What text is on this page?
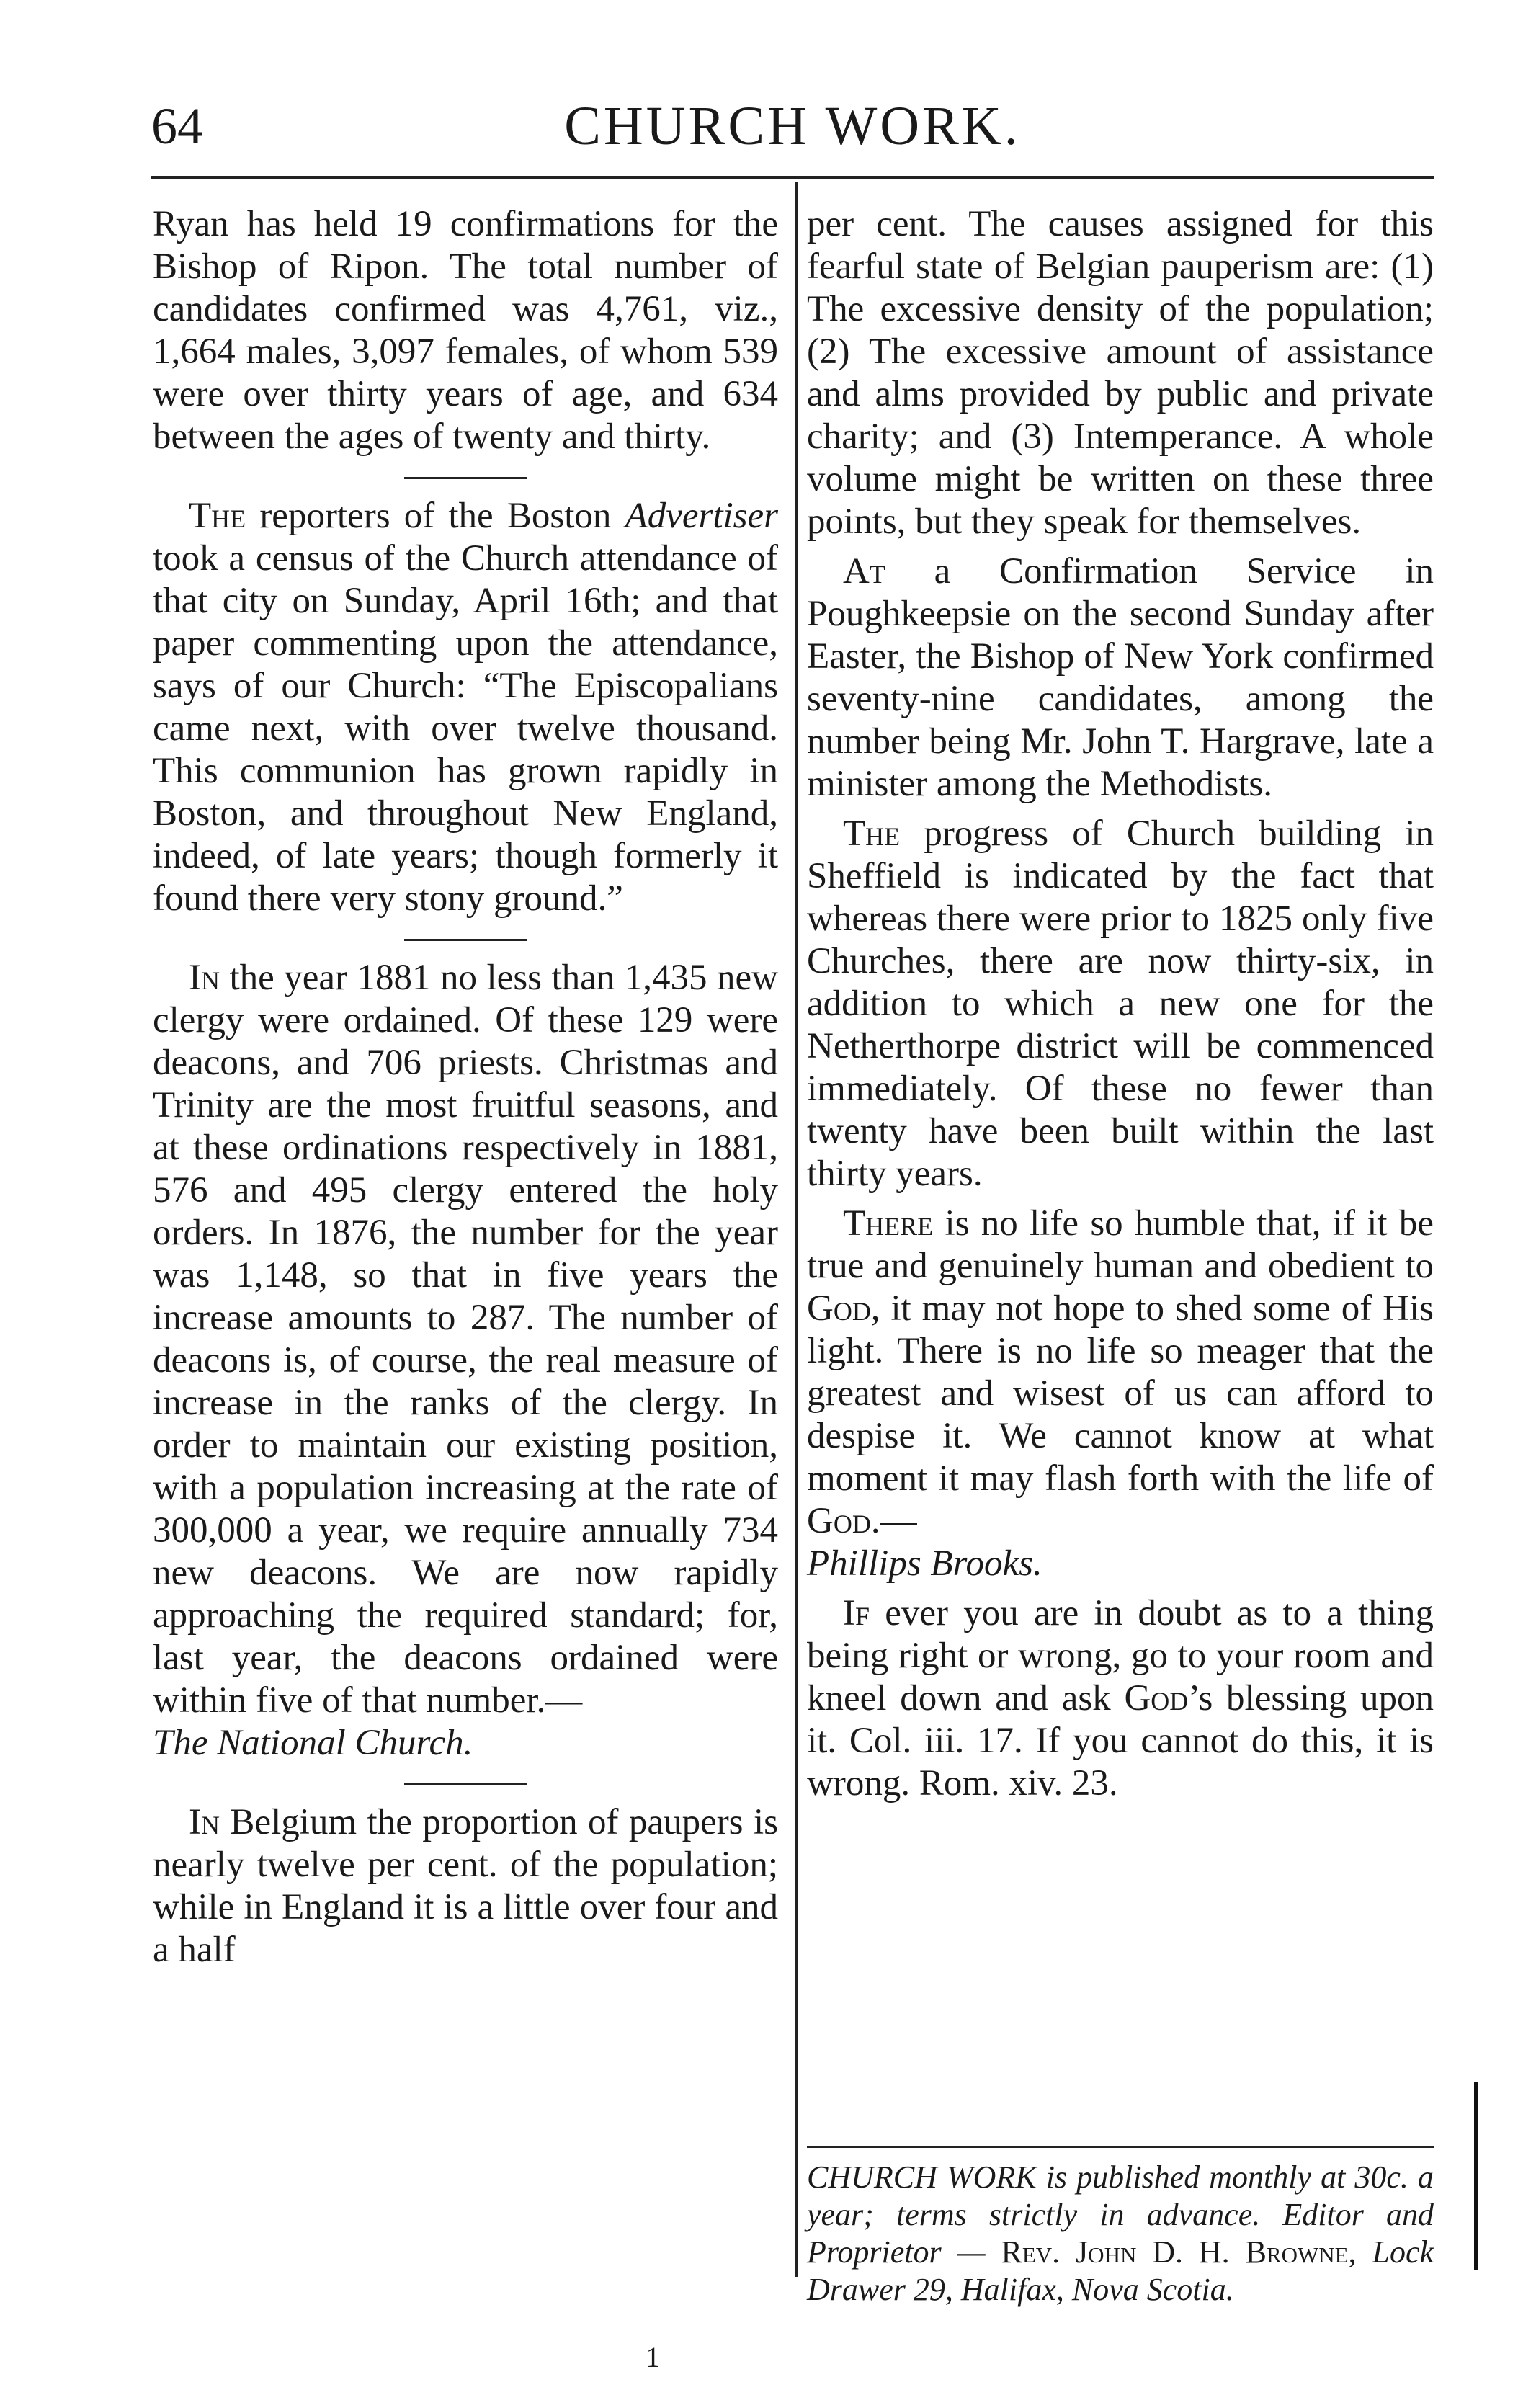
64	CHURCH WORK.

Ryan has held 19 confirmations for the Bishop of Ripon. The total number of candidates confirmed was 4,761, viz., 1,664 males, 3,097 females, of whom 539 were over thirty years of age, and 634 between the ages of twenty and thirty.

The reporters of the Boston Advertiser took a census of the Church attendance of that city on Sunday, April 16th; and that paper commenting upon the attendance, says of our Church: “The Episcopalians came next, with over twelve thousand. This communion has grown rapidly in Boston, and throughout New England, indeed, of late years; though formerly it found there very stony ground.”

In the year 1881 no less than 1,435 new clergy were ordained. Of these 129 were deacons, and 706 priests. Christmas and Trinity are the most fruitful seasons, and at these ordinations respectively in 1881, 576 and 495 clergy entered the holy orders. In 1876, the number for the year was 1,148, so that in five years the increase amounts to 287. The number of deacons is, of course, the real measure of increase in the ranks of the clergy. In order to maintain our existing position, with a population increasing at the rate of 300,000 a year, we require annually 734 new deacons. We are now rapidly approaching the required standard; for, last year, the deacons ordained were within five of that number.—
The National Church.

In Belgium the proportion of paupers is nearly twelve per cent. of the population; while in England it is a little over four and a half

per cent. The causes assigned for this fearful state of Belgian pauperism are: (1) The excessive density of the population; (2) The excessive amount of assistance and alms provided by public and private charity; and (3) Intemperance. A whole volume might be written on these three points, but they speak for themselves.

At a Confirmation Service in Poughkeepsie on the second Sunday after Easter, the Bishop of New York confirmed seventy-nine candidates, among the number being Mr. John T. Hargrave, late a minister among the Methodists.

The progress of Church building in Sheffield is indicated by the fact that whereas there were prior to 1825 only five Churches, there are now thirty-six, in addition to which a new one for the Netherthorpe district will be commenced immediately. Of these no fewer than twenty have been built within the last thirty years.

There is no life so humble that, if it be true and genuinely human and obedient to God, it may not hope to shed some of His light. There is no life so meager that the greatest and wisest of us can afford to despise it. We cannot know at what moment it may flash forth with the life of God.—
Phillips Brooks.

If ever you are in doubt as to a thing being right or wrong, go to your room and kneel down and ask God’s blessing upon it. Col. iii. 17. If you cannot do this, it is wrong. Rom. xiv. 23.

CHURCH WORK is published monthly at 30c. a year; terms strictly in advance. Editor and Proprietor — Rev. John D. H. Browne, Lock Drawer 29, Halifax, Nova Scotia.
1
